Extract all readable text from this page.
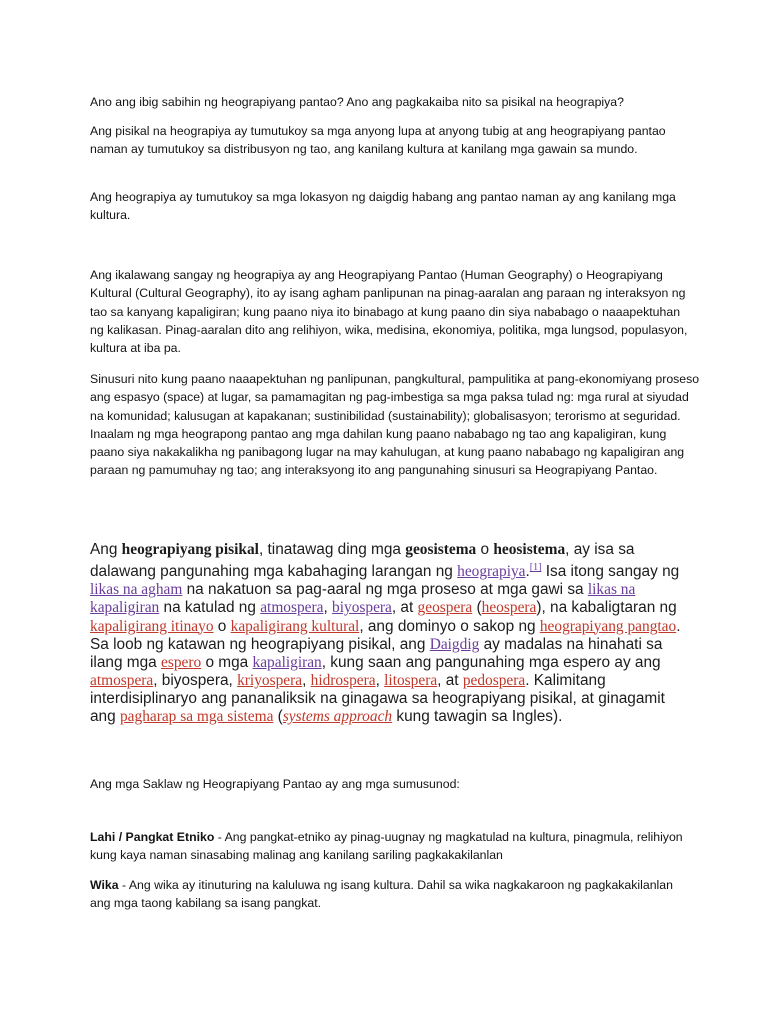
Ano ang ibig sabihin ng heograpiyang pantao? Ano ang pagkakaiba nito sa pisikal na heograpiya?

Ang pisikal na heograpiya ay tumutukoy sa mga anyong lupa at anyong tubig at ang heograpiyang pantao naman ay tumutukoy sa distribusyon ng tao, ang kanilang kultura at kanilang mga gawain sa mundo.

Ang heograpiya ay tumutukoy sa mga lokasyon ng daigdig habang ang pantao naman ay ang kanilang mga kultura.

Ang ikalawang sangay ng heograpiya ay ang Heograpiyang Pantao (Human Geography) o Heograpiyang Kultural (Cultural Geography), ito ay isang agham panlipunan na pinag-aaralan ang paraan ng interaksyon ng tao sa kanyang kapaligiran; kung paano niya ito binabago at kung paano din siya nababago o naaapektuhan ng kalikasan. Pinag-aaralan dito ang relihiyon, wika, medisina, ekonomiya, politika, mga lungsod, populasyon, kultura at iba pa.

Sinusuri nito kung paano naaapektuhan ng panlipunan, pangkultural, pampulitika at pang-ekonomiyang proseso ang espasyo (space) at lugar, sa pamamagitan ng pag-imbestiga sa mga paksa tulad ng: mga rural at siyudad na komunidad; kalusugan at kapakanan; sustinibilidad (sustainability); globalisasyon; terorismo at seguridad. Inaalam ng mga heograpong pantao ang mga dahilan kung paano nababago ng tao ang kapaligiran, kung paano siya nakakalikha ng panibagong lugar na may kahulugan, at kung paano nababago ng kapaligiran ang paraan ng pamumuhay ng tao; ang interaksyong ito ang pangunahing sinusuri sa Heograpiyang Pantao.

Ang heograpiyang pisikal, tinatawag ding mga geosistema o heosistema, ay isa sa dalawang pangunahing mga kabahaging larangan ng heograpiya.[1] Isa itong sangay ng likas na agham na nakatuon sa pag-aaral ng mga proseso at mga gawi sa likas na kapaligiran na katulad ng atmospera, biyospera, at geospera (heospera), na kabaligtaran ng kapaligirang itinayo o kapaligirang kultural, ang dominyo o sakop ng heograpiyang pangtao.
Sa loob ng katawan ng heograpiyang pisikal, ang Daigdig ay madalas na hinahati sa ilang mga espero o mga kapaligiran, kung saan ang pangunahing mga espero ay ang atmospera, biyospera, kriyospera, hidrospera, litospera, at pedospera. Kalimitang interdisiplinaryo ang pananaliksik na ginagawa sa heograpiyang pisikal, at ginagamit ang pagharap sa mga sistema (systems approach kung tawagin sa Ingles).

Ang mga Saklaw ng Heograpiyang Pantao ay ang mga sumusunod:

Lahi / Pangkat Etniko - Ang pangkat-etniko ay pinag-uugnay ng magkatulad na kultura, pinagmula, relihiyon kung kaya naman sinasabing malinag ang kanilang sariling pagkakakilanlan

Wika - Ang wika ay itinuturing na kaluluwa ng isang kultura. Dahil sa wika nagkakaroon ng pagkakakilanlan ang mga taong kabilang sa isang pangkat.
